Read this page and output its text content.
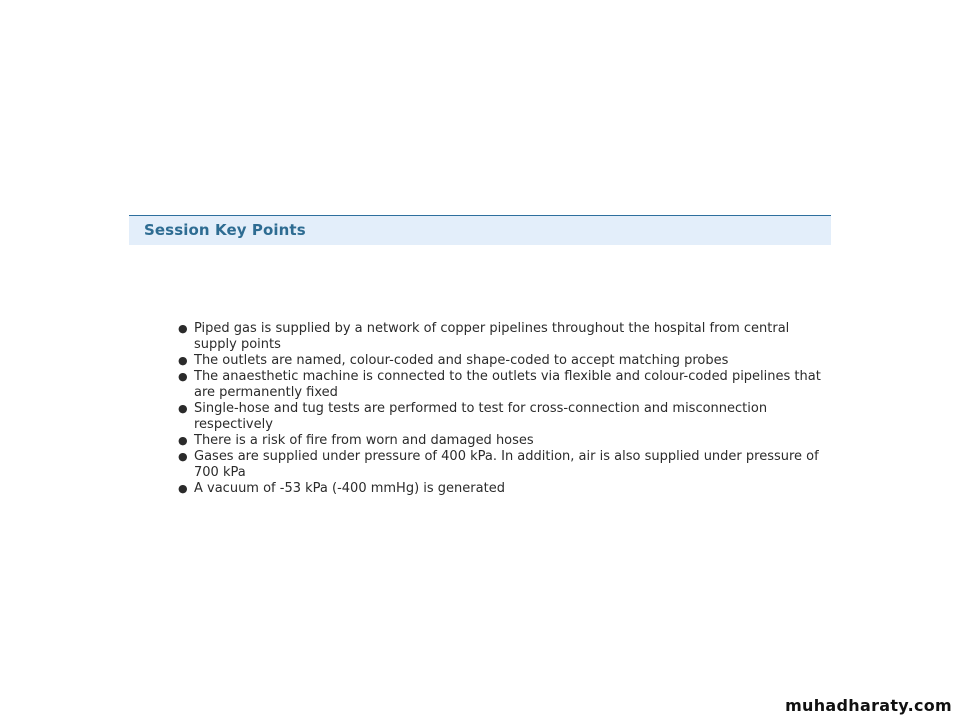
Session Key Points
● Piped gas is supplied by a network of copper pipelines throughout the hospital from central supply points
● The outlets are named, colour-coded and shape-coded to accept matching probes
● The anaesthetic machine is connected to the outlets via flexible and colour-coded pipelines that are permanently fixed
● Single-hose and tug tests are performed to test for cross-connection and misconnection respectively
● There is a risk of fire from worn and damaged hoses
● Gases are supplied under pressure of 400 kPa. In addition, air is also supplied under pressure of 700 kPa
● A vacuum of -53 kPa (-400 mmHg) is generated
muhadharaty.com
